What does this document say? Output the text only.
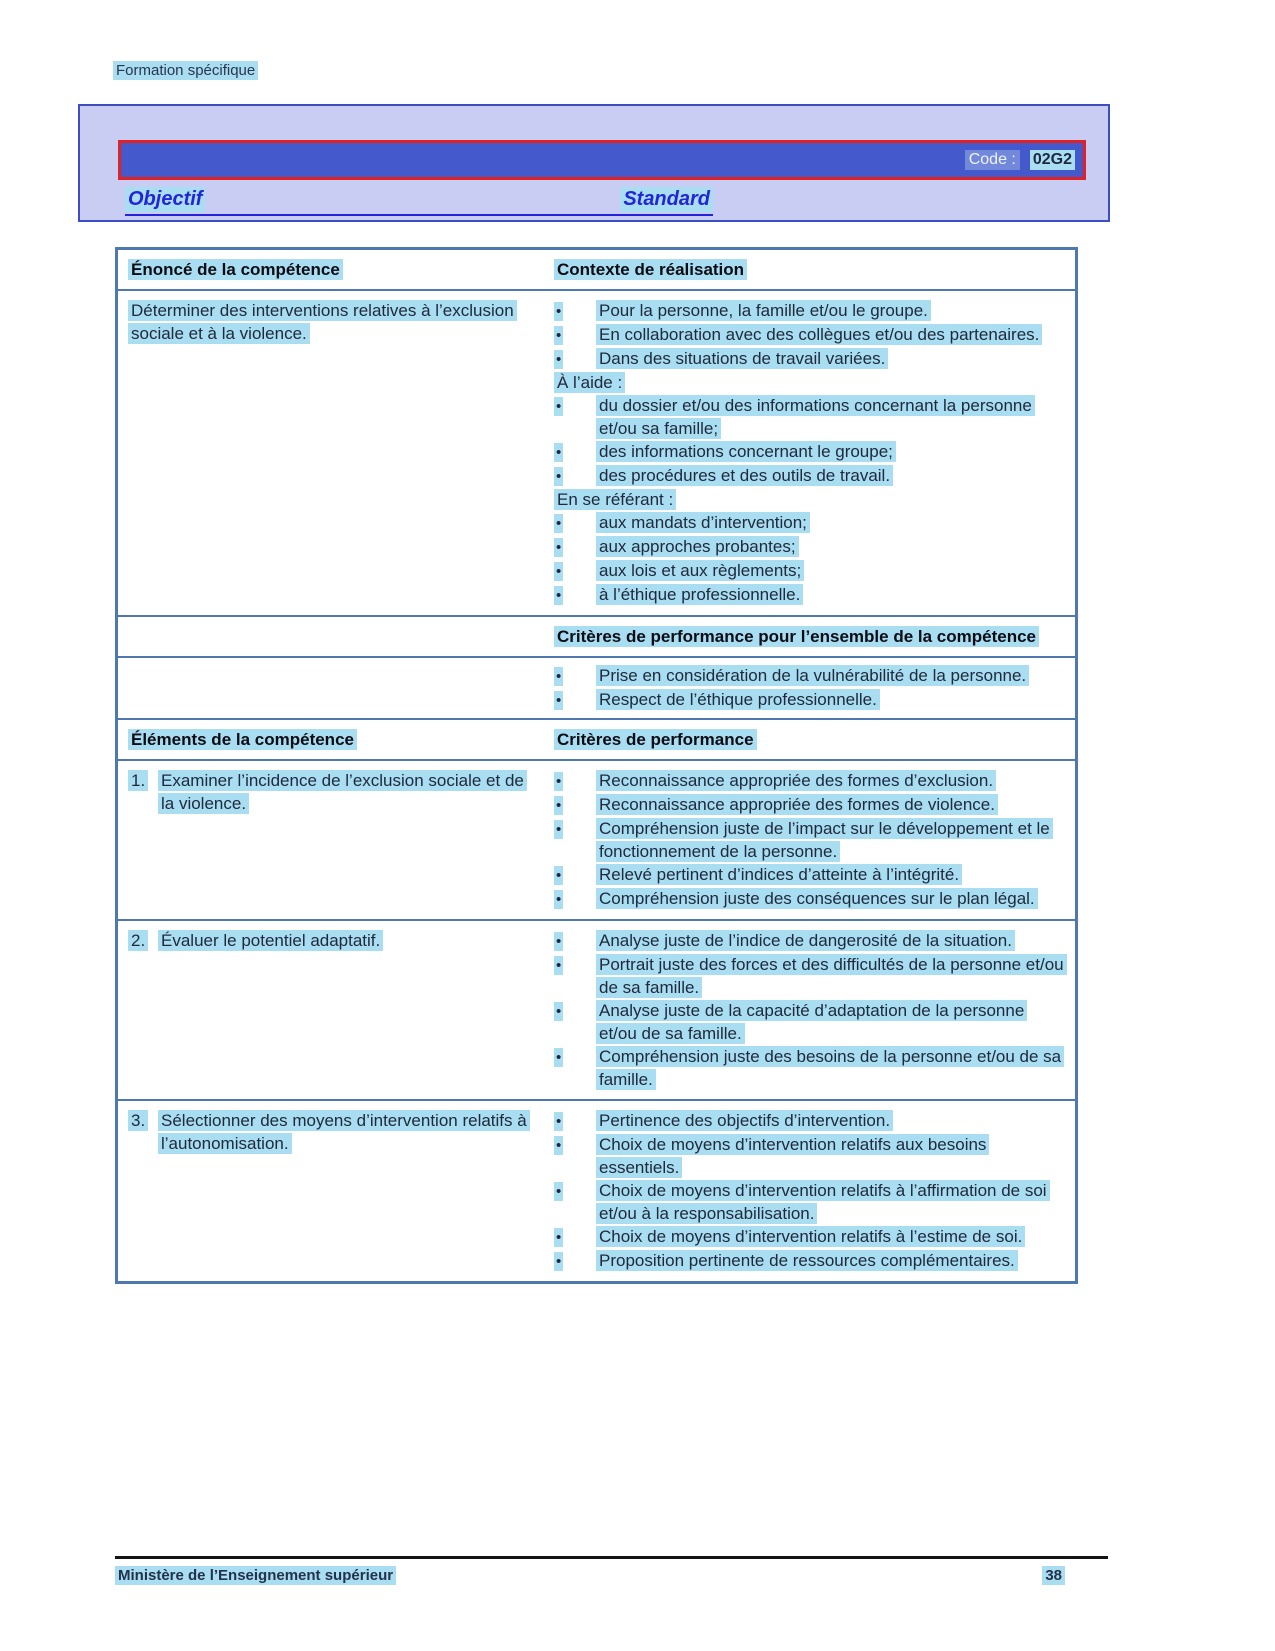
Formation spécifique
Code : 02G2
Objectif	Standard
Énoncé de la compétence	Contexte de réalisation
Déterminer des interventions relatives à l’exclusion sociale et à la violence.
•	Pour la personne, la famille et/ou le groupe.
•	En collaboration avec des collègues et/ou des partenaires.
•	Dans des situations de travail variées.
À l’aide :
•	du dossier et/ou des informations concernant la personne et/ou sa famille;
•	des informations concernant le groupe;
•	des procédures et des outils de travail.
En se référant :
•	aux mandats d’intervention;
•	aux approches probantes;
•	aux lois et aux règlements;
•	à l’éthique professionnelle.
Critères de performance pour l’ensemble de la compétence
•	Prise en considération de la vulnérabilité de la personne.
•	Respect de l’éthique professionnelle.
Éléments de la compétence	Critères de performance
1. Examiner l’incidence de l’exclusion sociale et de la violence.
•	Reconnaissance appropriée des formes d’exclusion.
•	Reconnaissance appropriée des formes de violence.
•	Compréhension juste de l’impact sur le développement et le fonctionnement de la personne.
•	Relevé pertinent d’indices d’atteinte à l’intégrité.
•	Compréhension juste des conséquences sur le plan légal.
2. Évaluer le potentiel adaptatif.	•	Analyse juste de l’indice de dangerosité de la situation.
•	Portrait juste des forces et des difficultés de la personne et/ou de sa famille.
•	Analyse juste de la capacité d’adaptation de la personne et/ou de sa famille.
•	Compréhension juste des besoins de la personne et/ou de sa famille.
3. Sélectionner des moyens d’intervention relatifs à l’autonomisation.
•	Pertinence des objectifs d’intervention.
•	Choix de moyens d’intervention relatifs aux besoins essentiels.
•	Choix de moyens d’intervention relatifs à l’affirmation de soi et/ou à la responsabilisation.
•	Choix de moyens d’intervention relatifs à l’estime de soi.
•	Proposition pertinente de ressources complémentaires.
Ministère de l’Enseignement supérieur	38
